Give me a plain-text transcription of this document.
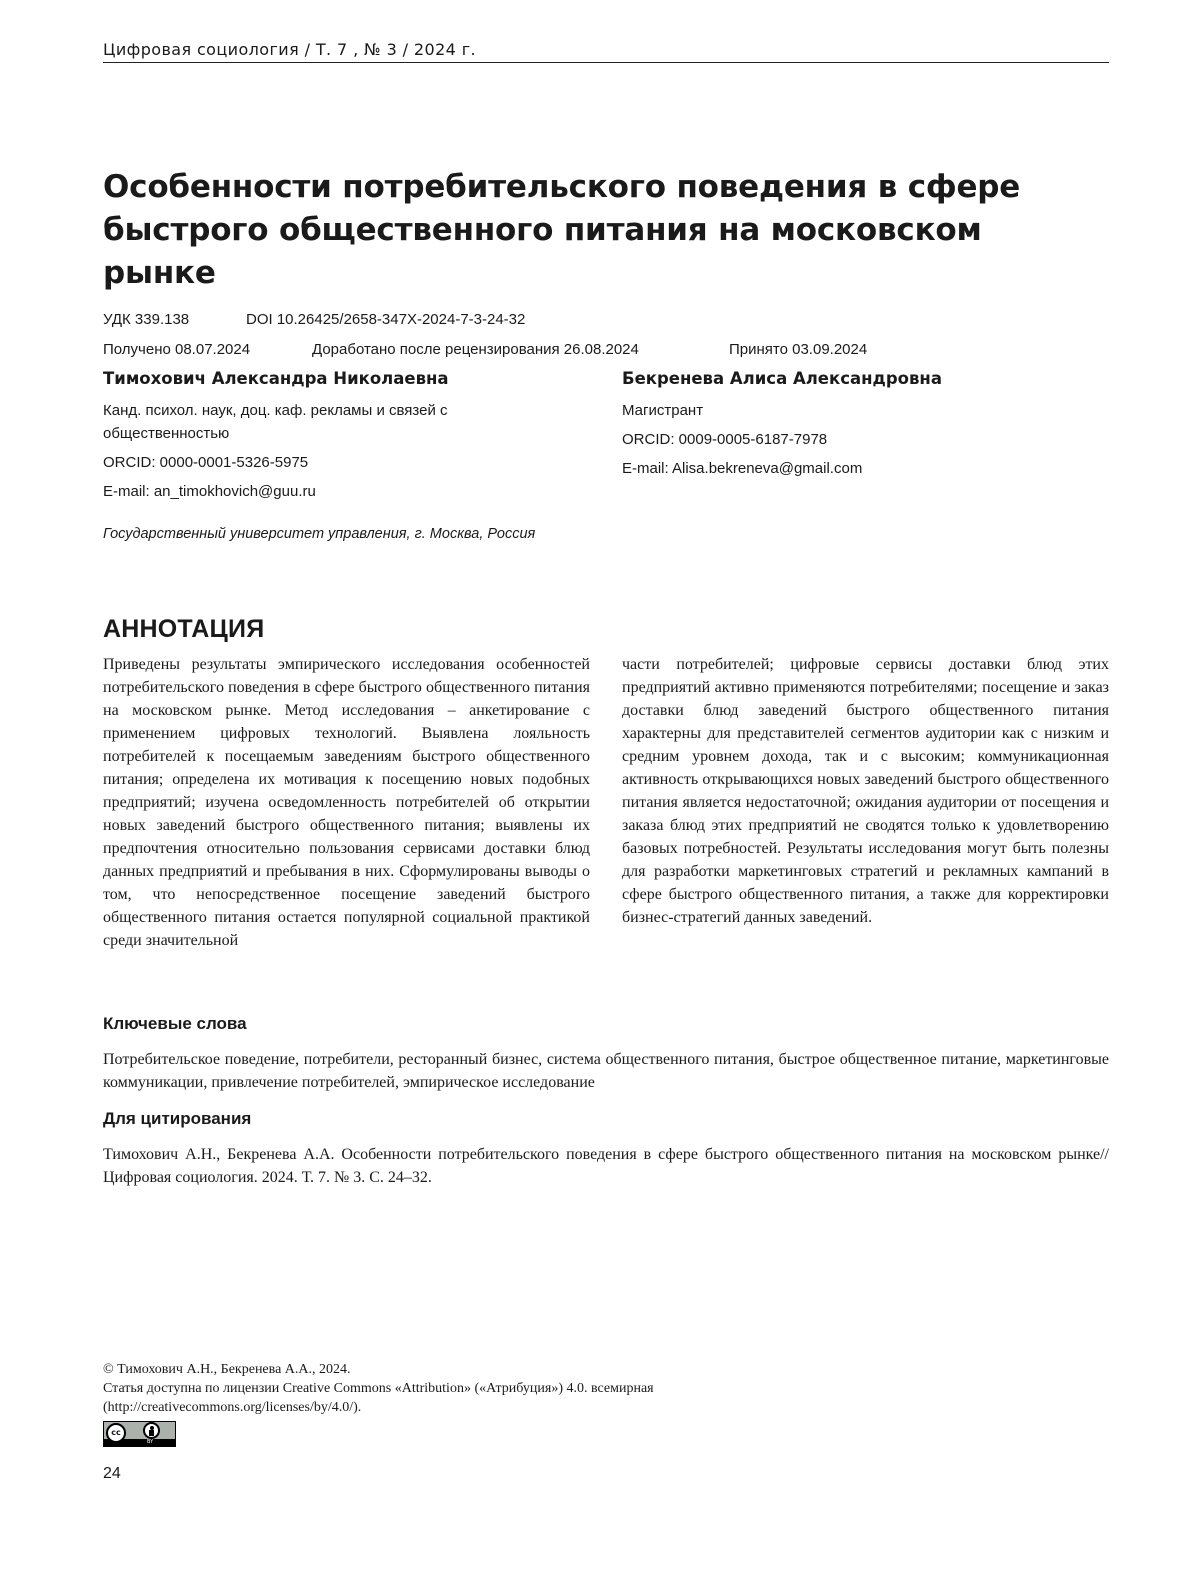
Цифровая социология / Т. 7 , № 3 / 2024 г.
Особенности потребительского поведения в сфере быстрого общественного питания на московском рынке
УДК 339.138	DOI 10.26425/2658-347X-2024-7-3-24-32
Получено 08.07.2024	Доработано после рецензирования 26.08.2024	Принято 03.09.2024
Тимохович Александра Николаевна
Канд. психол. наук, доц. каф. рекламы и связей с общественностью
ORCID: 0000-0001-5326-5975
E-mail: an_timokhovich@guu.ru
Бекренева Алиса Александровна
Магистрант
ORCID: 0009-0005-6187-7978
E-mail: Alisa.bekreneva@gmail.com
Государственный университет управления, г. Москва, Россия
АННОТАЦИЯ

Приведены результаты эмпирического исследования особенностей потребительского поведения в сфере быстрого общественного питания на московском рынке. Метод исследования – анкетирование с применением цифровых технологий. Выявлена лояльность потребителей к посещаемым заведениям быстрого общественного питания; определена их мотивация к посещению новых подобных предприятий; изучена осведомленность потребителей об открытии новых заведений быстрого общественного питания; выявлены их предпочтения относительно пользования сервисами доставки блюд данных предприятий и пребывания в них. Сформулированы выводы о том, что непосредственное посещение заведений быстрого общественного питания остается популярной социальной практикой среди значительной

части потребителей; цифровые сервисы доставки блюд этих предприятий активно применяются потребителями; посещение и заказ доставки блюд заведений быстрого общественного питания характерны для представителей сегментов аудитории как с низким и средним уровнем дохода, так и с высоким; коммуникационная активность открывающихся новых заведений быстрого общественного питания является недостаточной; ожидания аудитории от посещения и заказа блюд этих предприятий не сводятся только к удовлетворению базовых потребностей. Результаты исследования могут быть полезны для разработки маркетинговых стратегий и рекламных кампаний в сфере быстрого общественного питания, а также для корректировки бизнес-стратегий данных заведений.

Ключевые слова

Потребительское поведение, потребители, ресторанный бизнес, система общественного питания, быстрое общественное питание, маркетинговые коммуникации, привлечение потребителей, эмпирическое исследование

Для цитирования

Тимохович А.Н., Бекренева А.А. Особенности потребительского поведения в сфере быстрого общественного питания на московском рынке//Цифровая социология. 2024. Т. 7. № 3. С. 24–32.

© Тимохович А.Н., Бекренева А.А., 2024.
Статья доступна по лицензии Creative Commons «Attribution» («Атрибуция») 4.0. всемирная
(http://creativecommons.org/licenses/by/4.0/).
cc
BY
24
